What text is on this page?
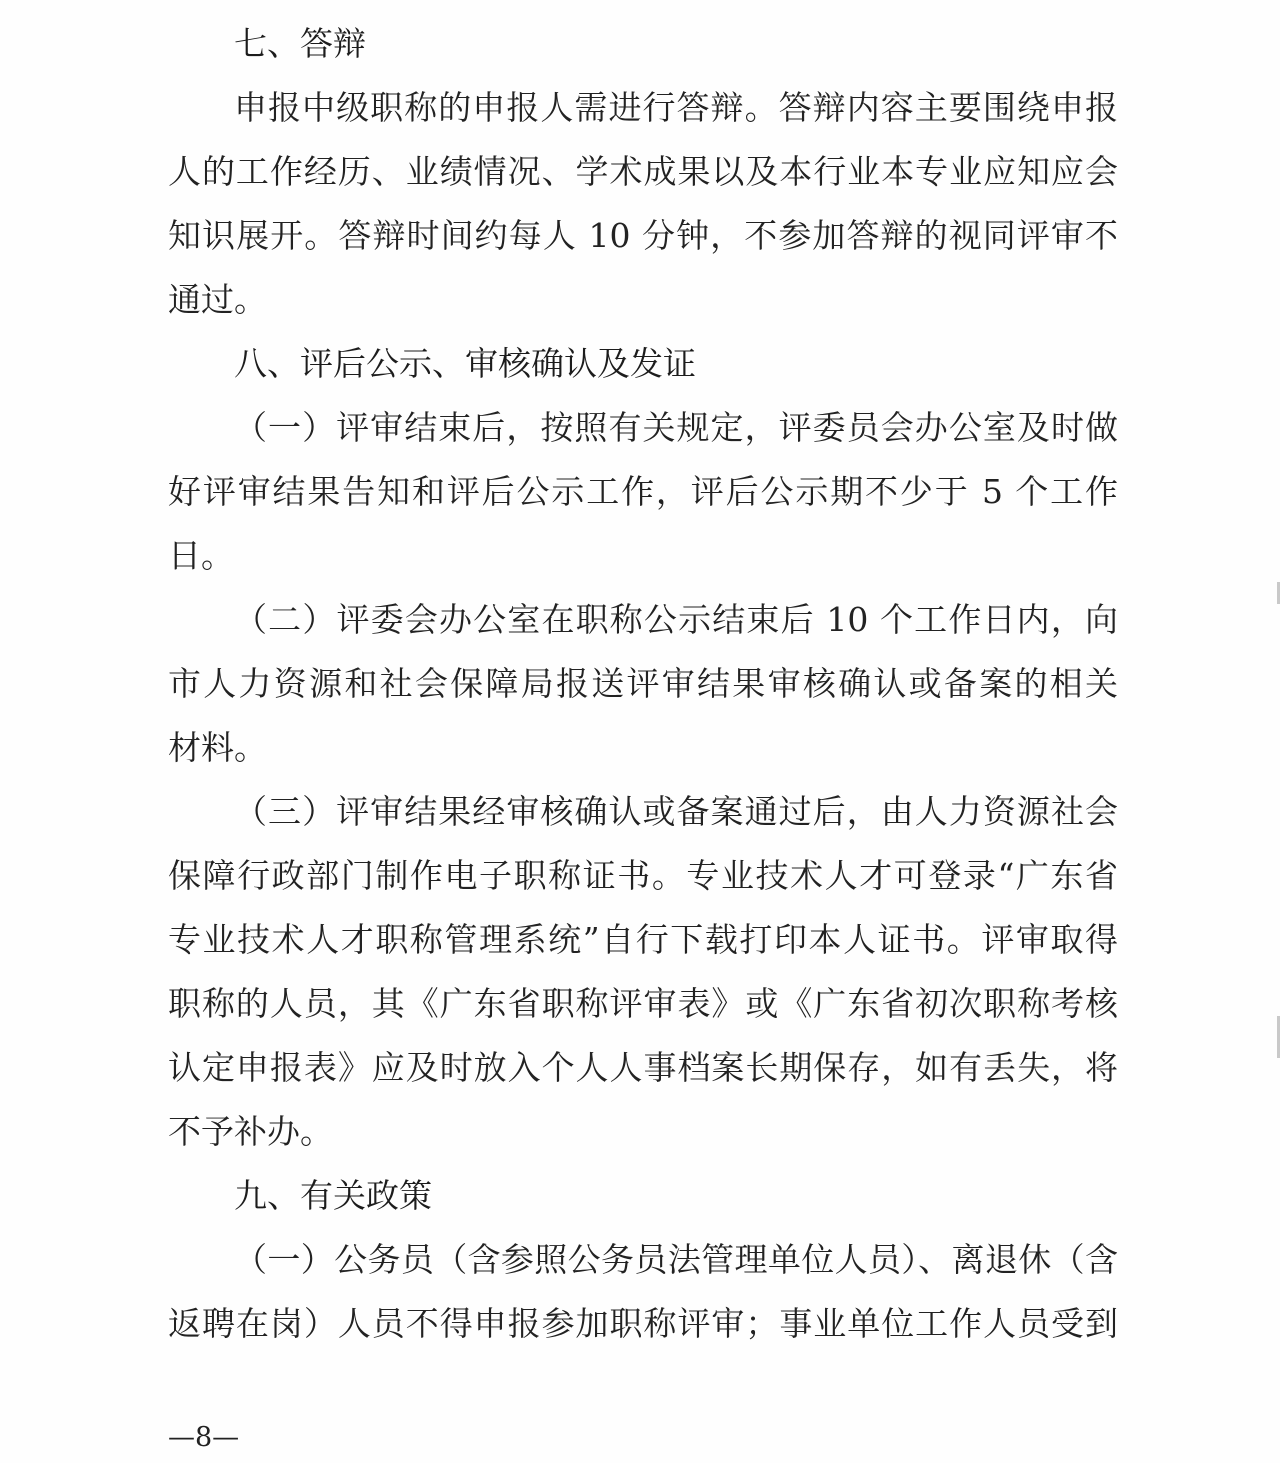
七、答辩

申报中级职称的申报人需进行答辩。答辩内容主要围绕申报

人的工作经历、业绩情况、学术成果以及本行业本专业应知应会

知识展开。答辩时间约每人 10 分钟，不参加答辩的视同评审不

通过。

八、评后公示、审核确认及发证

（一）评审结束后，按照有关规定，评委员会办公室及时做

好评审结果告知和评后公示工作，评后公示期不少于 5 个工作

日。

（二）评委会办公室在职称公示结束后 10 个工作日内，向

市人力资源和社会保障局报送评审结果审核确认或备案的相关

材料。

（三）评审结果经审核确认或备案通过后，由人力资源社会

保障行政部门制作电子职称证书。专业技术人才可登录“广东省

专业技术人才职称管理系统”自行下载打印本人证书。评审取得

职称的人员，其《广东省职称评审表》或《广东省初次职称考核

认定申报表》应及时放入个人人事档案长期保存，如有丢失，将

不予补办。

九、有关政策

（一）公务员（含参照公务员法管理单位人员）、离退休（含

返聘在岗）人员不得申报参加职称评审；事业单位工作人员受到

—8—
